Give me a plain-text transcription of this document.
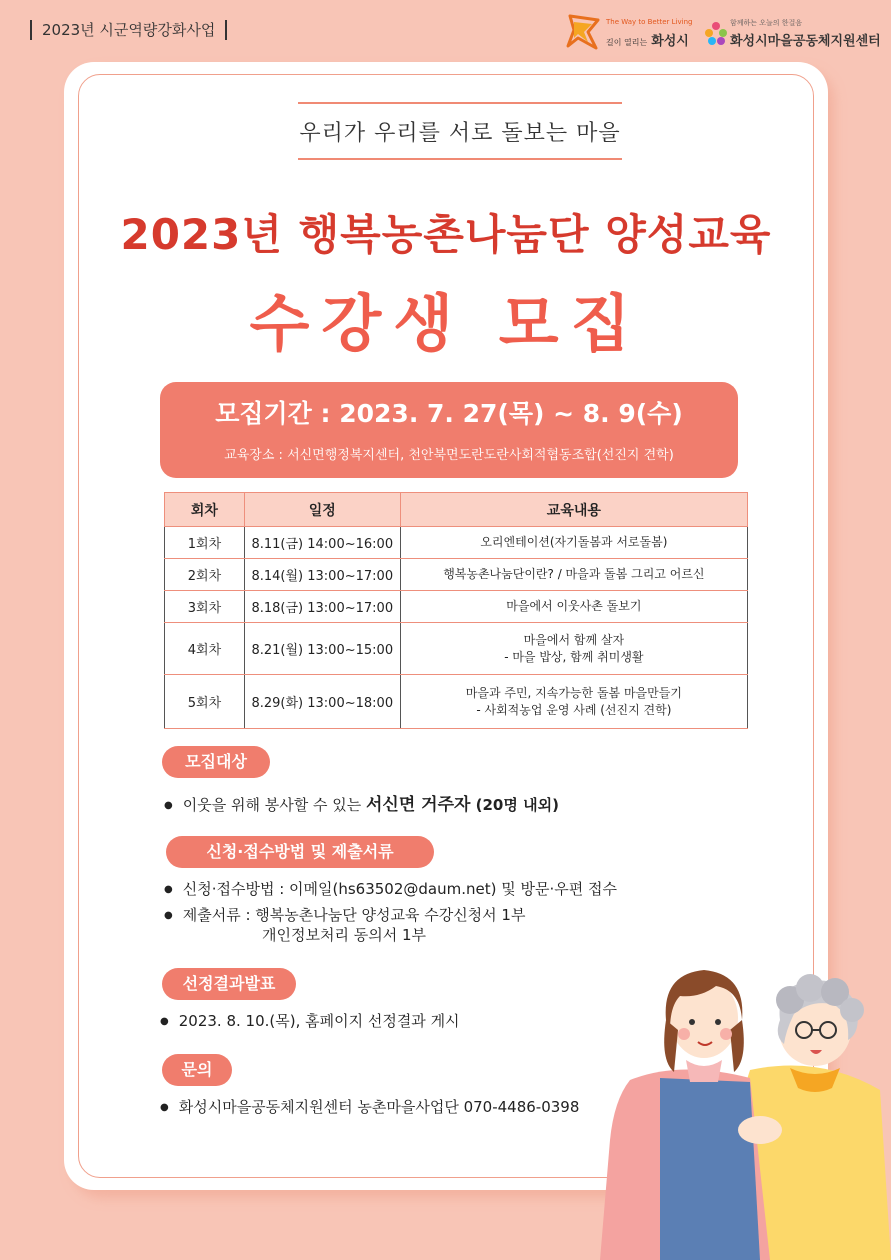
2023년 시군역량강화사업	The Way to Better Living
길이 열리는 화성시
함께하는 오늘의 한걸음
화성시마을공동체지원센터
우리가 우리를 서로 돌보는 마을
2023년 행복농촌나눔단 양성교육
수강생 모집
모집기간 : 2023. 7. 27(목) ~ 8. 9(수)
교육장소 : 서신면행정복지센터, 천안북면도란도란사회적협동조합(선진지 견학)
회차	일정	교육내용
1회차	8.11(금) 14:00~16:00	오리엔테이션(자기돌봄과 서로돌봄)

2회차	8.14(월) 13:00~17:00	행복농촌나눔단이란? / 마을과 돌봄 그리고 어르신

3회차	8.18(금) 13:00~17:00	마을에서 이웃사촌 돌보기

4회차	8.21(월) 13:00~15:00	마을에서 함께 살자
- 마을 밥상, 함께 취미생활

5회차	8.29(화) 13:00~18:00	마을과 주민, 지속가능한 돌봄 마을만들기
- 사회적농업 운영 사례 (선진지 견학)
모집대상
● 이웃을 위해 봉사할 수 있는 서신면 거주자 (20명 내외)
신청·접수방법 및 제출서류
● 신청·접수방법 : 이메일(hs63502@daum.net) 및 방문·우편 접수
● 제출서류 : 행복농촌나눔단 양성교육 수강신청서 1부
개인정보처리 동의서 1부
선정결과발표
● 2023. 8. 10.(목), 홈페이지 선정결과 게시
문의
● 화성시마을공동체지원센터 농촌마을사업단 070-4486-0398
